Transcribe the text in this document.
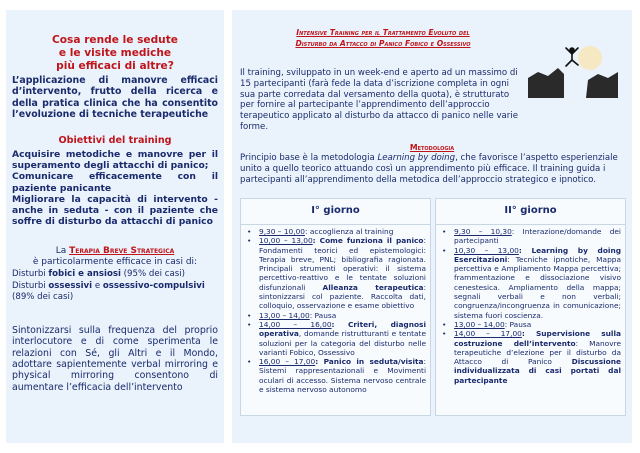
Cosa rende le sedute
e le visite mediche
più efficaci di altre?
L’applicazione di manovre efficaci d’intervento, frutto della ricerca e della pratica clinica che ha consentito l’evoluzione di tecniche terapeutiche
Obiettivi del training
Acquisire metodiche e manovre per il superamento degli attacchi di panico;
Comunicare efficacemente con il paziente panicante
Migliorare la capacità di intervento - anche in seduta - con il paziente che soffre di disturbo da attacchi di panico
La Terapia Breve Strategica
è particolarmente efficace in casi di:
Disturbi fobici e ansiosi (95% dei casi)
Disturbi ossessivi e ossessivo-compulsivi (89% dei casi)
Sintonizzarsi sulla frequenza del proprio interlocutore e di come sperimenta le relazioni con Sé, gli Altri e il Mondo, adottare sapientemente verbal mirroring e physical mirroring consentono di aumentare l’efficacia dell’intervento
Intensive Training per il Trattamento Evoluto del
Disturbo da Attacco di Panico Fobico e Ossessivo
Il training, sviluppato in un week-end e aperto ad un massimo di 15 partecipanti (farà fede la data d’iscrizione completa in ogni sua parte corredata dal versamento della quota), è strutturato per fornire al partecipante l’apprendimento dell’approccio terapeutico applicato al disturbo da attacco di panico nelle varie forme.
Metodologia
Principio base è la metodologia Learning by doing, che favorisce l’aspetto esperienziale unito a quello teorico attuando così un apprendimento più efficace. Il training guida i partecipanti all’apprendimento della metodica dell’approccio strategico e ipnotico.
I° giorno
• 9,30 – 10,00: accoglienza al training
• 10,00 – 13,00: Come funziona il panico: Fondamenti teorici ed epistemologici: Terapia breve, PNL; bibliografia ragionata. Principali strumenti operativi: il sistema percettivo-reattivo e le tentate soluzioni disfunzionali Alleanza terapeutica: sintonizzarsi col paziente. Raccolta dati, colloquio, osservazione e esame obiettivo
• 13,00 – 14,00: Pausa
• 14,00 – 16,00: Criteri, diagnosi operativa, domande ristrutturanti e tentate soluzioni per la categoria del disturbo nelle varianti Fobico, Ossessivo
• 16,00 – 17,00: Panico in seduta/visita: Sistemi rappresentazionali e Movimenti oculari di accesso. Sistema nervoso centrale e sistema nervoso autonomo
II° giorno
• 9,30 – 10,30: Interazione/domande dei partecipanti
• 10,30 – 13,00: Learning by doing Esercitazioni: Tecniche ipnotiche, Mappa percettiva e Ampliamento Mappa percettiva; frammentazione e dissociazione visivo cenestesica. Ampliamento della mappa; segnali verbali e non verbali; congruenza/incongruenza in comunicazione; sistema fuori coscienza.
• 13,00 – 14,00: Pausa
• 14,00 – 17,00: Supervisione sulla costruzione dell’intervento: Manovre terapeutiche d’elezione per il disturbo da Attacco di Panico Discussione individualizzata di casi portati dal partecipante
